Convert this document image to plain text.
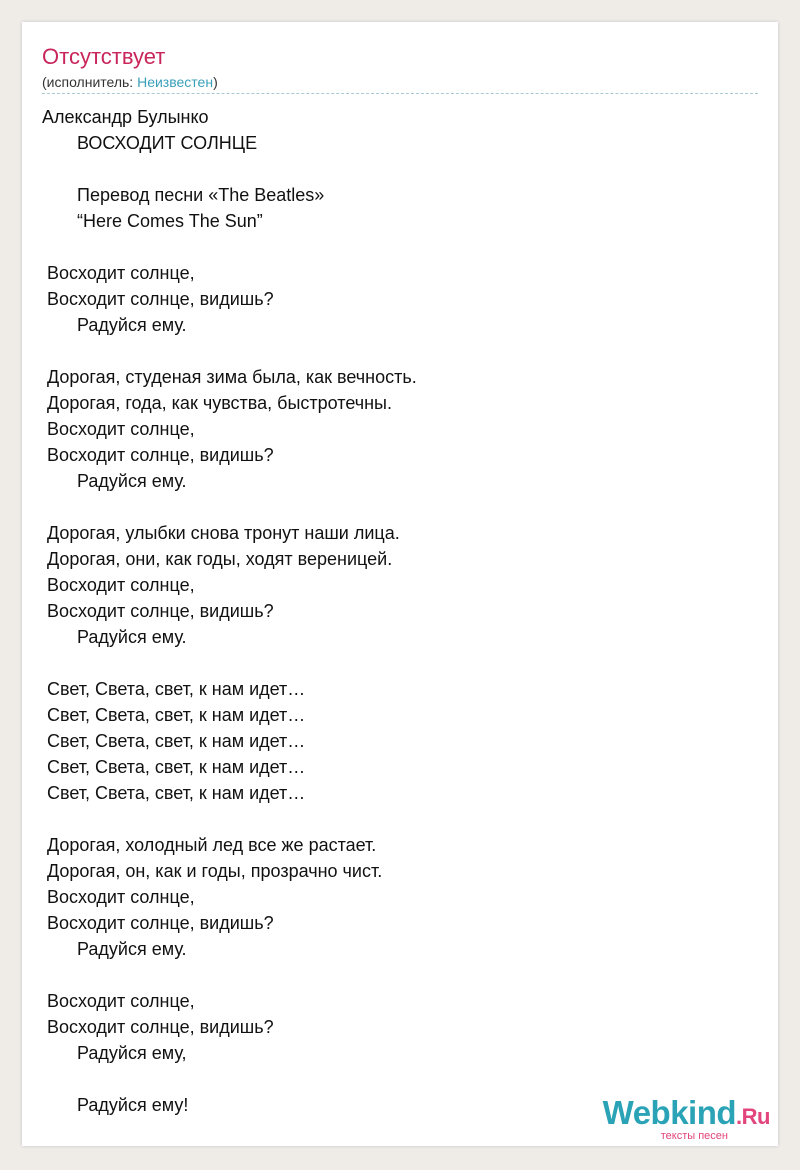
Отсутствует
(исполнитель: Неизвестен)
Александр Булынко
ВОСХОДИТ СОЛНЦЕ

Перевод песни «The Beatles»
“Here Comes The Sun”

Восходит солнце,
Восходит солнце, видишь?
Радуйся ему.

Дорогая, студеная зима была, как вечность.
Дорогая, года, как чувства, быстротечны.
Восходит солнце,
Восходит солнце, видишь?
Радуйся ему.

Дорогая, улыбки снова тронут наши лица.
Дорогая, они, как годы, ходят вереницей.
Восходит солнце,
Восходит солнце, видишь?
Радуйся ему.

Свет, Света, свет, к нам идет…
Свет, Света, свет, к нам идет…
Свет, Света, свет, к нам идет…
Свет, Света, свет, к нам идет…
Свет, Света, свет, к нам идет…

Дорогая, холодный лед все же растает.
Дорогая, он, как и годы, прозрачно чист.
Восходит солнце,
Восходит солнце, видишь?
Радуйся ему.

Восходит солнце,
Восходит солнце, видишь?
Радуйся ему,

Радуйся ему!	Webkind.Ru
тексты песен
